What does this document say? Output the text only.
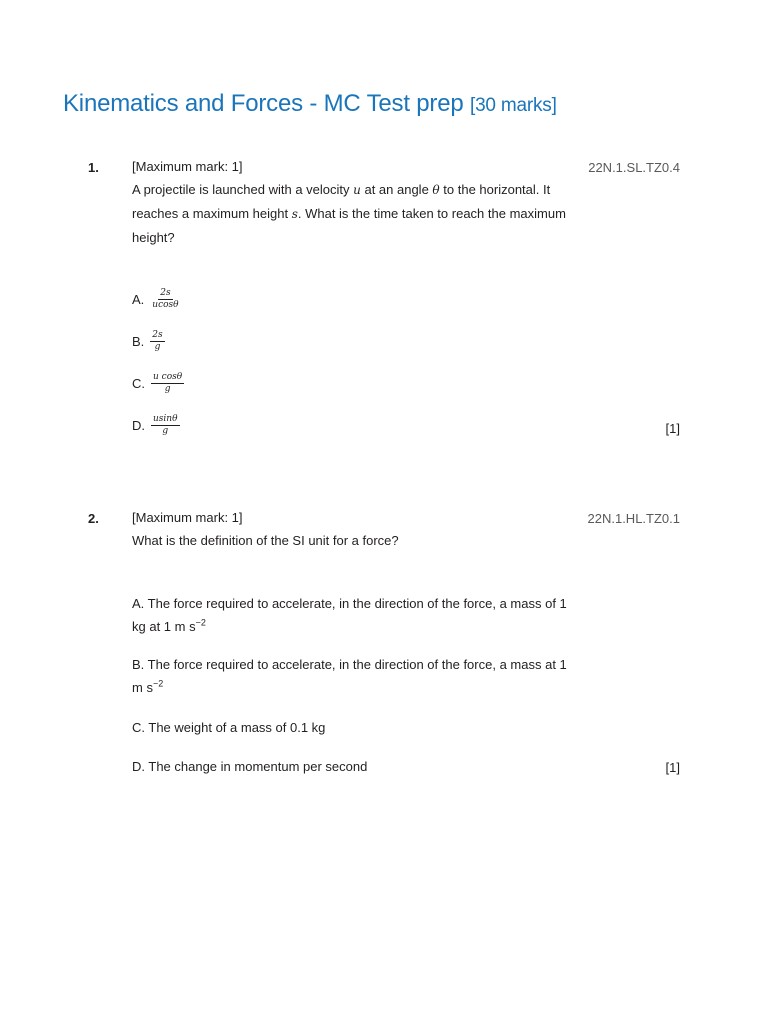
Kinematics and Forces - MC Test prep [30 marks]
1.	22N.1.SL.TZ0.4

[Maximum mark: 1]

A projectile is launched with a velocity u at an angle θ to the horizontal. It reaches a maximum height s. What is the time taken to reach the maximum height?

A. $\frac{2s}{ucos\theta}$
B. $\frac{2s}{g}$
C. $\frac{\text{u cosθ}}{g}$
D. $\frac{usin\theta}{g}$	[1]
2.	22N.1.HL.TZ0.1

[Maximum mark: 1]

What is the definition of the SI unit for a force?

A. The force required to accelerate, in the direction of the force, a mass of 1 kg at 1 m $s^{-2}$
B. The force required to accelerate, in the direction of the force, a mass at 1 m $s^{-2}$
C. The weight of a mass of 0.1 kg
D. The change in momentum per second	[1]
